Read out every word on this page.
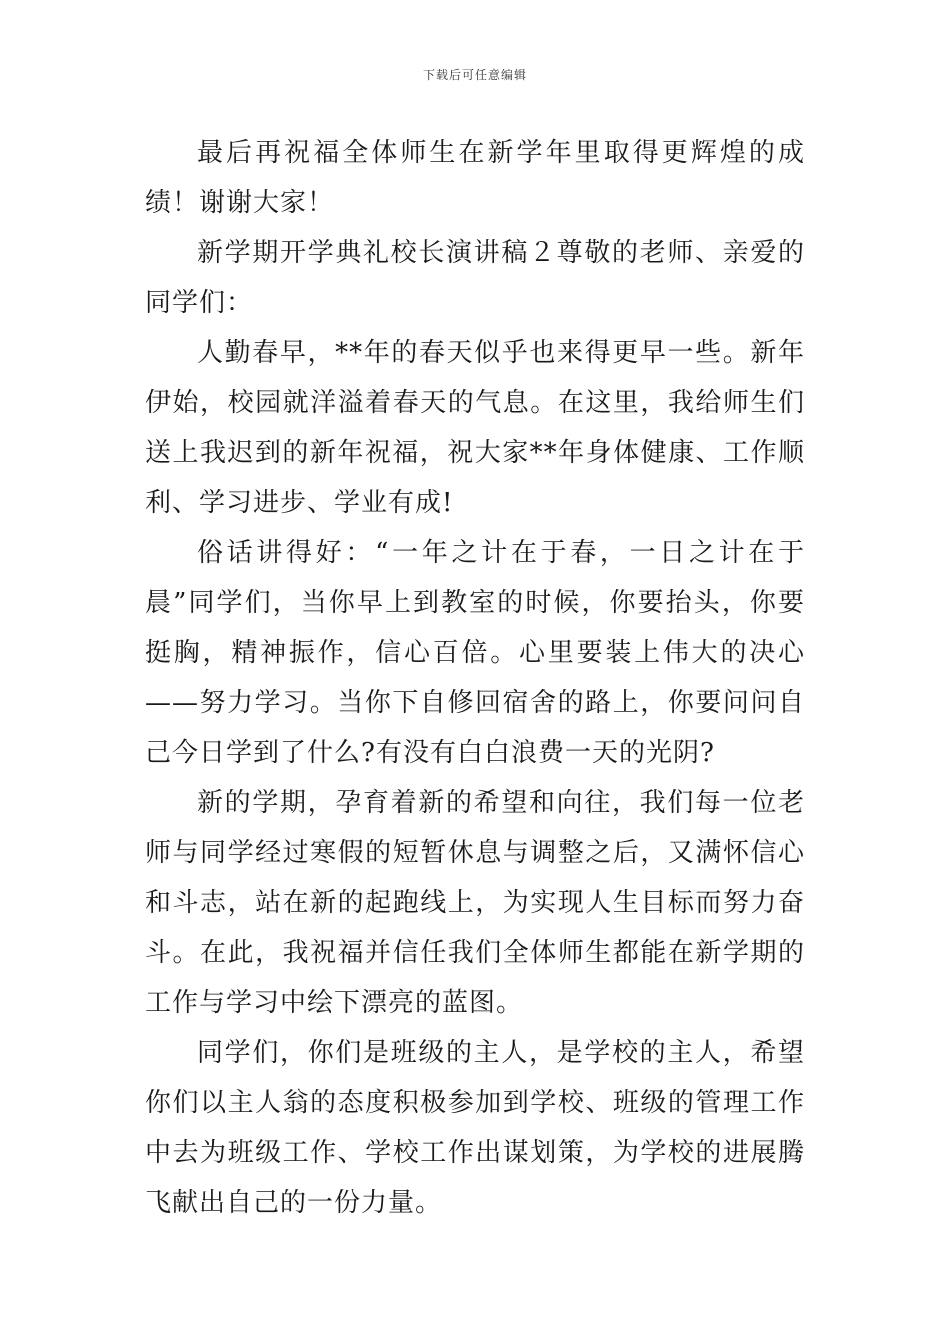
下载后可任意编辑

最后再祝福全体师生在新学年里取得更辉煌的成绩！谢谢大家！

新学期开学典礼校长演讲稿２尊敬的老师、亲爱的同学们：

人勤春早，**年的春天似乎也来得更早一些。新年伊始，校园就洋溢着春天的气息。在这里，我给师生们送上我迟到的新年祝福，祝大家**年身体健康、工作顺利、学习进步、学业有成!

俗话讲得好：“一年之计在于春，一日之计在于晨”同学们，当你早上到教室的时候，你要抬头，你要挺胸，精神振作，信心百倍。心里要装上伟大的决心——努力学习。当你下自修回宿舍的路上，你要问问自己今日学到了什么?有没有白白浪费一天的光阴?

新的学期，孕育着新的希望和向往，我们每一位老师与同学经过寒假的短暂休息与调整之后，又满怀信心和斗志，站在新的起跑线上，为实现人生目标而努力奋斗。在此，我祝福并信任我们全体师生都能在新学期的工作与学习中绘下漂亮的蓝图。

同学们，你们是班级的主人，是学校的主人，希望你们以主人翁的态度积极参加到学校、班级的管理工作中去为班级工作、学校工作出谋划策，为学校的进展腾飞献出自己的一份力量。
